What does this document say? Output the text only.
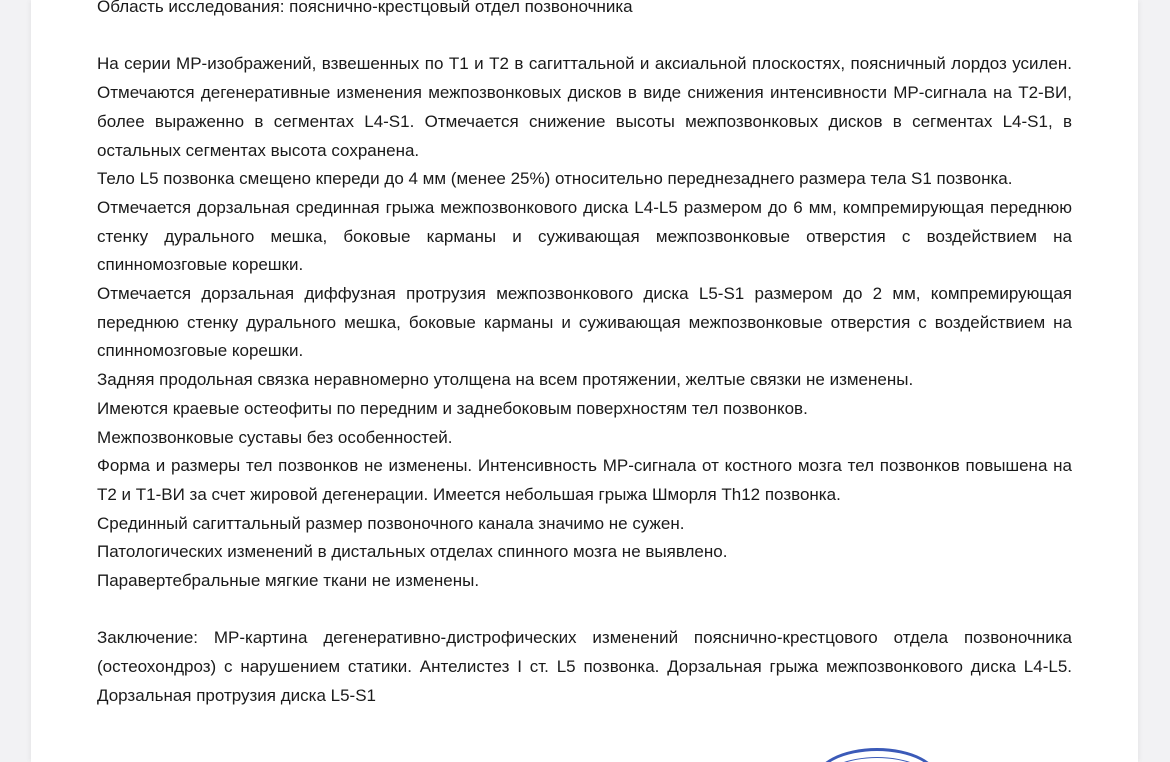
Область исследования: пояснично-крестцовый отдел позвоночника

На серии МР-изображений, взвешенных по Т1 и Т2 в сагиттальной и аксиальной плоскостях, поясничный лордоз усилен. Отмечаются дегенеративные изменения межпозвонковых дисков в виде снижения интенсивности МР-сигнала на Т2-ВИ, более выраженно в сегментах L4-S1. Отмечается снижение высоты межпозвонковых дисков в сегментах L4-S1, в остальных сегментах высота сохранена.

Тело L5 позвонка смещено кпереди до 4 мм (менее 25%) относительно переднезаднего размера тела S1 позвонка.

Отмечается дорзальная срединная грыжа межпозвонкового диска L4-L5 размером до 6 мм, компремирующая переднюю стенку дурального мешка, боковые карманы и суживающая межпозвонковые отверстия с воздействием на спинномозговые корешки.

Отмечается дорзальная диффузная протрузия межпозвонкового диска L5-S1 размером до 2 мм, компремирующая переднюю стенку дурального мешка, боковые карманы и суживающая межпозвонковые отверстия с воздействием на спинномозговые корешки.

Задняя продольная связка неравномерно утолщена на всем протяжении, желтые связки не изменены.

Имеются краевые остеофиты по передним и заднебоковым поверхностям тел позвонков.

Межпозвонковые суставы без особенностей.

Форма и размеры тел позвонков не изменены. Интенсивность МР-сигнала от костного мозга тел позвонков повышена на Т2 и Т1-ВИ за счет жировой дегенерации. Имеется небольшая грыжа Шморля Th12 позвонка.

Срединный сагиттальный размер позвоночного канала значимо не сужен.

Патологических изменений в дистальных отделах спинного мозга не выявлено.

Паравертебральные мягкие ткани не изменены.

Заключение: МР-картина дегенеративно-дистрофических изменений пояснично-крестцового отдела позвоночника (остеохондроз) с нарушением статики. Антелистез I ст. L5 позвонка. Дорзальная грыжа межпозвонкового диска L4-L5. Дорзальная протрузия диска L5-S1
